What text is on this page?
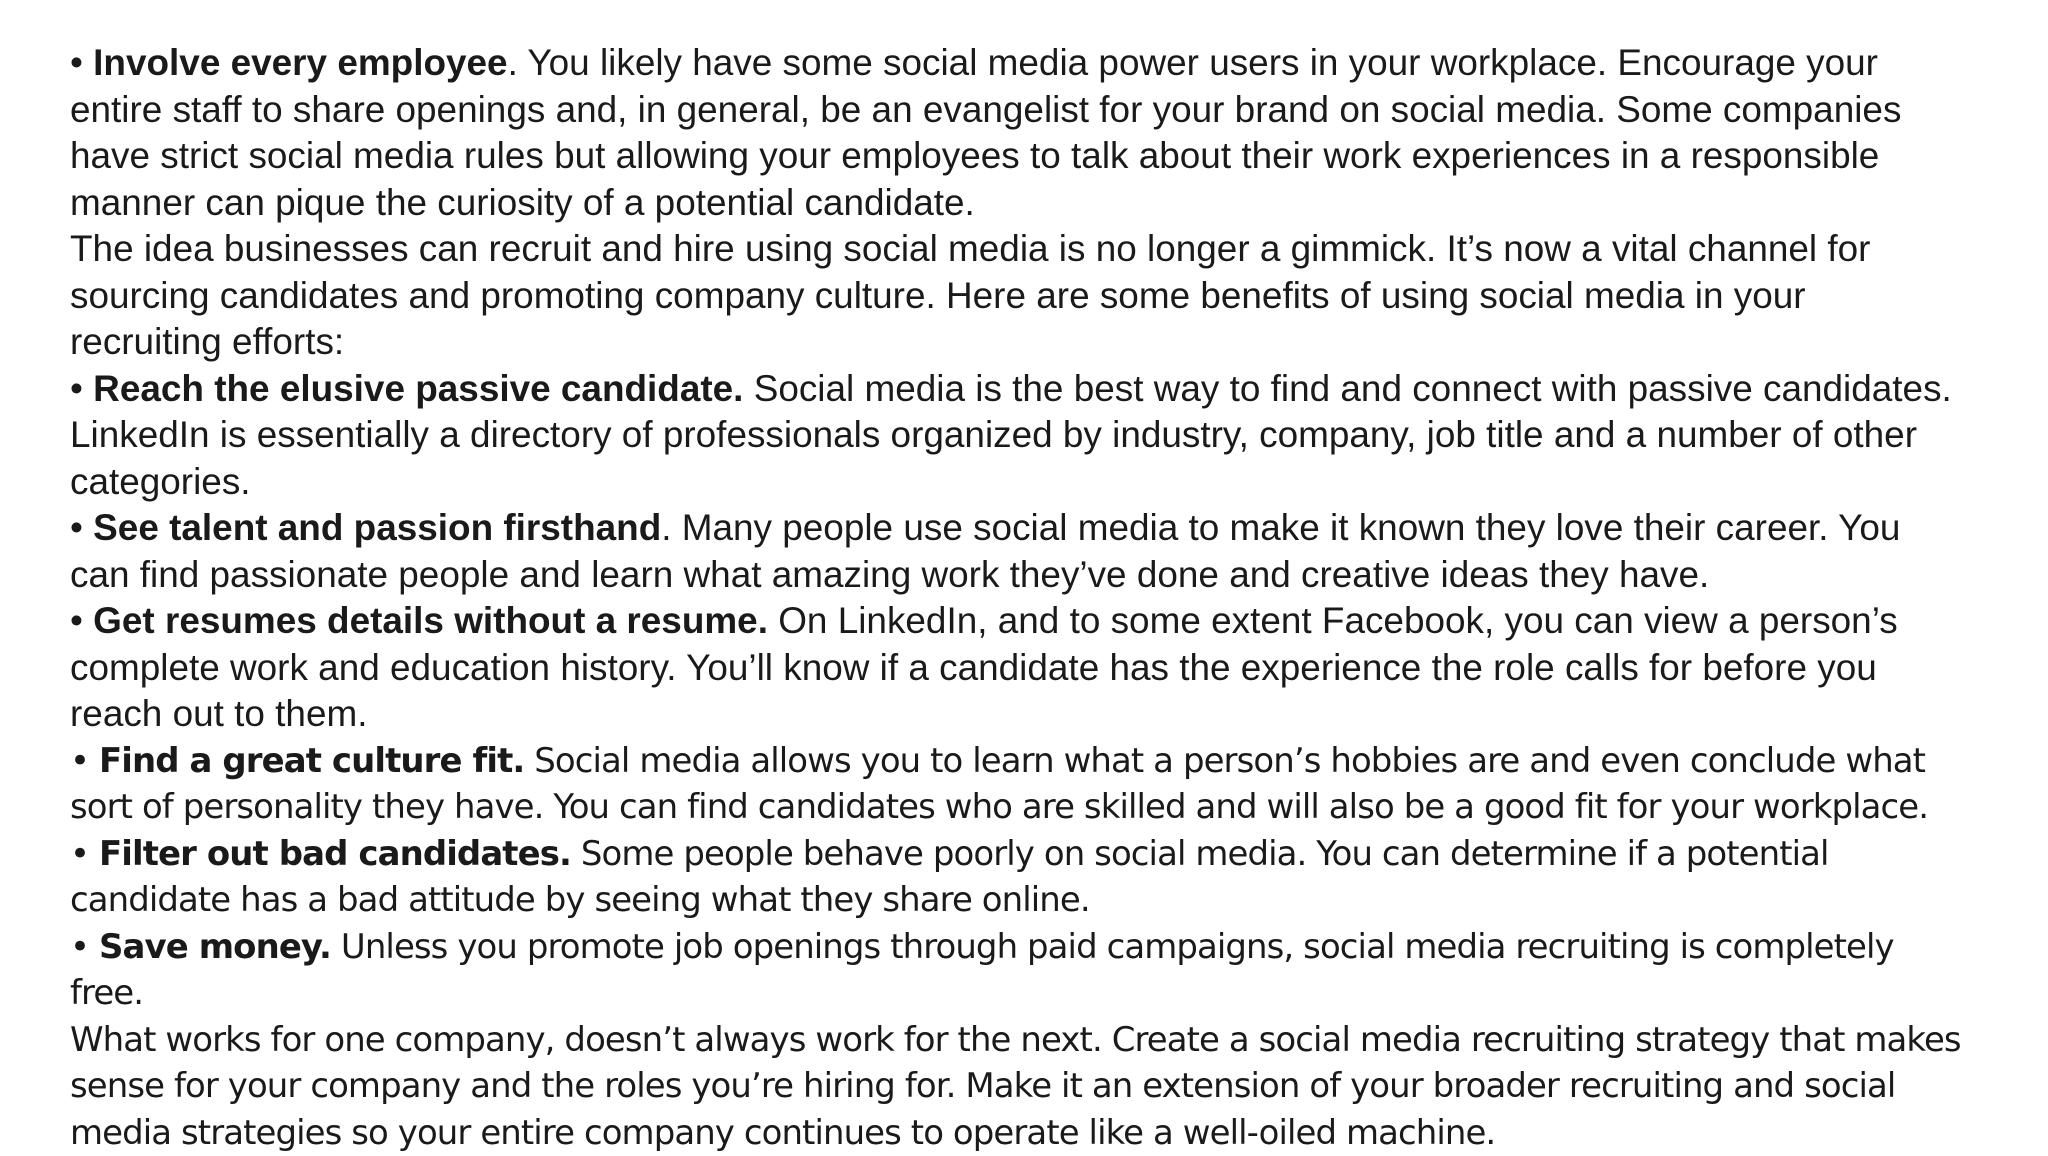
• Involve every employee. You likely have some social media power users in your workplace. Encourage your
entire staff to share openings and, in general, be an evangelist for your brand on social media. Some companies
have strict social media rules but allowing your employees to talk about their work experiences in a responsible
manner can pique the curiosity of a potential candidate.
The idea businesses can recruit and hire using social media is no longer a gimmick. It’s now a vital channel for
sourcing candidates and promoting company culture. Here are some benefits of using social media in your
recruiting efforts:
• Reach the elusive passive candidate. Social media is the best way to find and connect with passive candidates.
LinkedIn is essentially a directory of professionals organized by industry, company, job title and a number of other
categories.
• See talent and passion firsthand. Many people use social media to make it known they love their career. You
can find passionate people and learn what amazing work they’ve done and creative ideas they have.
• Get resumes details without a resume. On LinkedIn, and to some extent Facebook, you can view a person’s
complete work and education history. You’ll know if a candidate has the experience the role calls for before you
reach out to them.
• Find a great culture fit. Social media allows you to learn what a person’s hobbies are and even conclude what
sort of personality they have. You can find candidates who are skilled and will also be a good fit for your workplace.
• Filter out bad candidates. Some people behave poorly on social media. You can determine if a potential
candidate has a bad attitude by seeing what they share online.
• Save money. Unless you promote job openings through paid campaigns, social media recruiting is completely
free.
What works for one company, doesn’t always work for the next. Create a social media recruiting strategy that makes
sense for your company and the roles you’re hiring for. Make it an extension of your broader recruiting and social
media strategies so your entire company continues to operate like a well-oiled machine.
